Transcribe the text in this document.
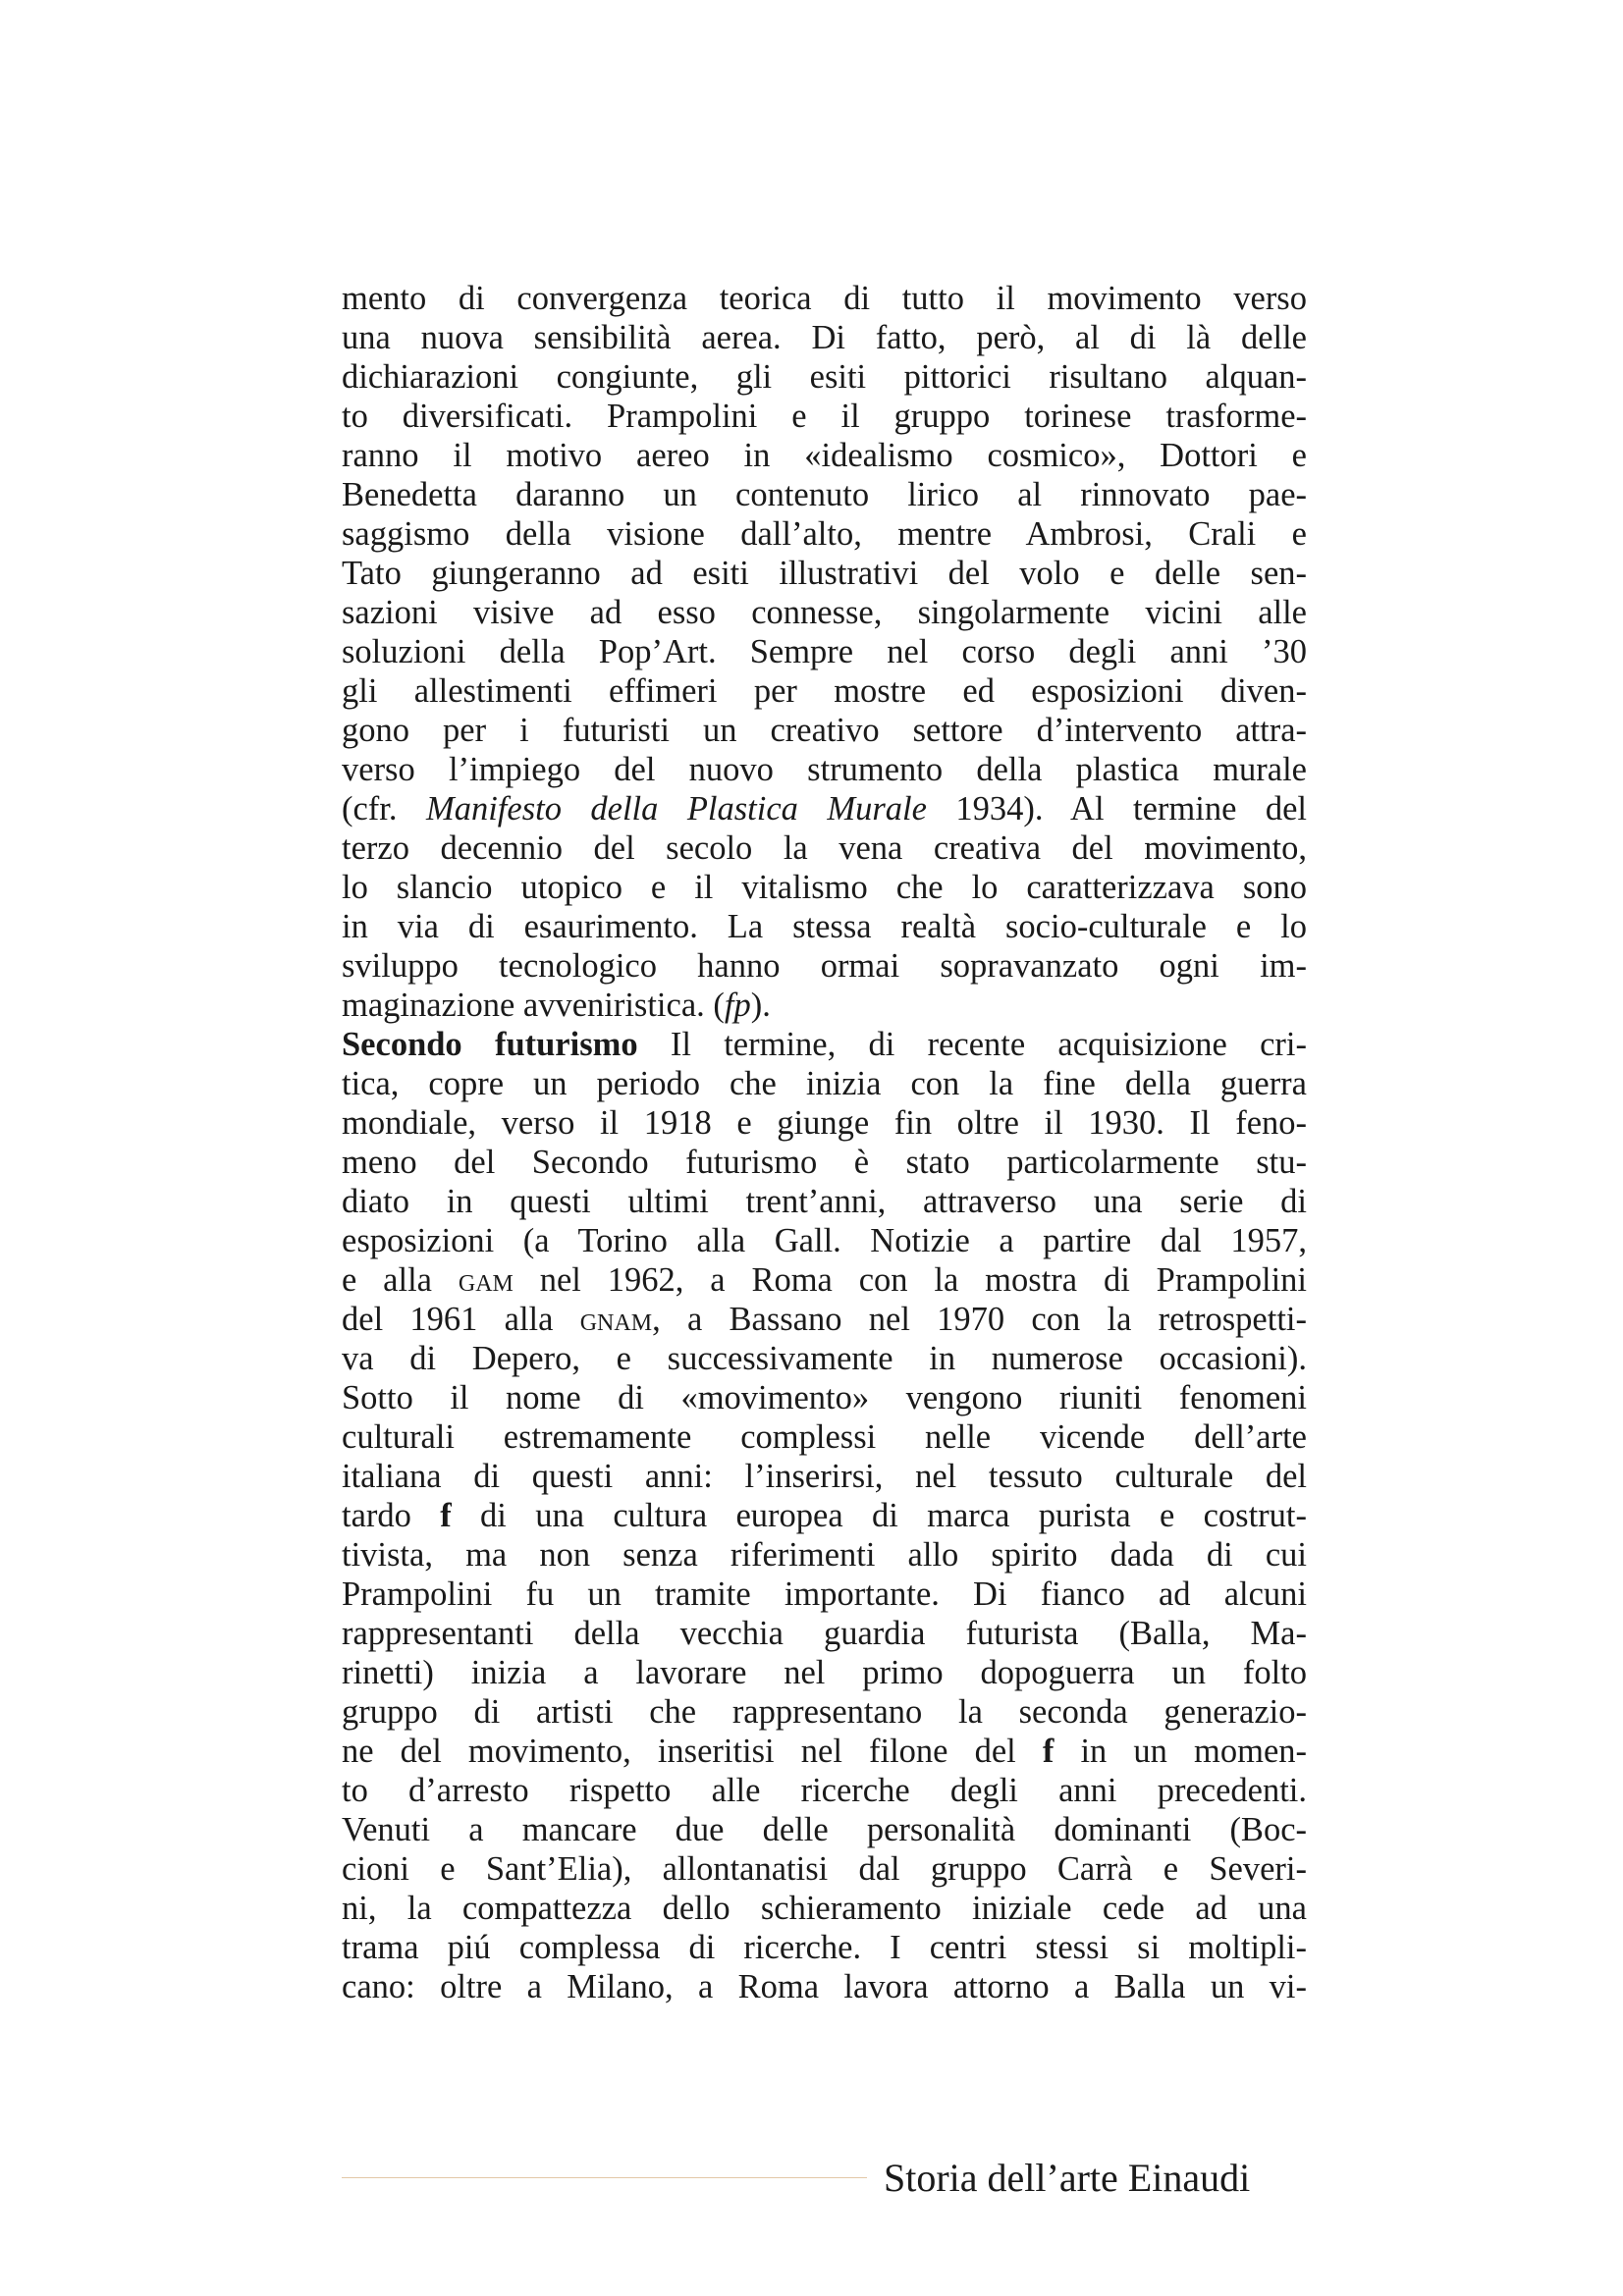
mento di convergenza teorica di tutto il movimento verso
una nuova sensibilità aerea. Di fatto, però, al di là delle
dichiarazioni congiunte, gli esiti pittorici risultano alquan-
to diversificati. Prampolini e il gruppo torinese trasforme-
ranno il motivo aereo in «idealismo cosmico», Dottori e
Benedetta daranno un contenuto lirico al rinnovato pae-
saggismo della visione dall’alto, mentre Ambrosi, Crali e
Tato giungeranno ad esiti illustrativi del volo e delle sen-
sazioni visive ad esso connesse, singolarmente vicini alle
soluzioni della Pop’Art. Sempre nel corso degli anni ’30
gli allestimenti effimeri per mostre ed esposizioni diven-
gono per i futuristi un creativo settore d’intervento attra-
verso l’impiego del nuovo strumento della plastica murale
(cfr. Manifesto della Plastica Murale 1934). Al termine del
terzo decennio del secolo la vena creativa del movimento,
lo slancio utopico e il vitalismo che lo caratterizzava sono
in via di esaurimento. La stessa realtà socio-culturale e lo
sviluppo tecnologico hanno ormai sopravanzato ogni im-
maginazione avveniristica. (fp).
Secondo futurismo Il termine, di recente acquisizione cri-
tica, copre un periodo che inizia con la fine della guerra
mondiale, verso il 1918 e giunge fin oltre il 1930. Il feno-
meno del Secondo futurismo è stato particolarmente stu-
diato in questi ultimi trent’anni, attraverso una serie di
esposizioni (a Torino alla Gall. Notizie a partire dal 1957,
e alla gam nel 1962, a Roma con la mostra di Prampolini
del 1961 alla gnam, a Bassano nel 1970 con la retrospetti-
va di Depero, e successivamente in numerose occasioni).
Sotto il nome di «movimento» vengono riuniti fenomeni
culturali estremamente complessi nelle vicende dell’arte
italiana di questi anni: l’inserirsi, nel tessuto culturale del
tardo f di una cultura europea di marca purista e costrut-
tivista, ma non senza riferimenti allo spirito dada di cui
Prampolini fu un tramite importante. Di fianco ad alcuni
rappresentanti della vecchia guardia futurista (Balla, Ma-
rinetti) inizia a lavorare nel primo dopoguerra un folto
gruppo di artisti che rappresentano la seconda generazio-
ne del movimento, inseritisi nel filone del f in un momen-
to d’arresto rispetto alle ricerche degli anni precedenti.
Venuti a mancare due delle personalità dominanti (Boc-
cioni e Sant’Elia), allontanatisi dal gruppo Carrà e Severi-
ni, la compattezza dello schieramento iniziale cede ad una
trama piú complessa di ricerche. I centri stessi si moltipli-
cano: oltre a Milano, a Roma lavora attorno a Balla un vi-
Storia dell’arte Einaudi
